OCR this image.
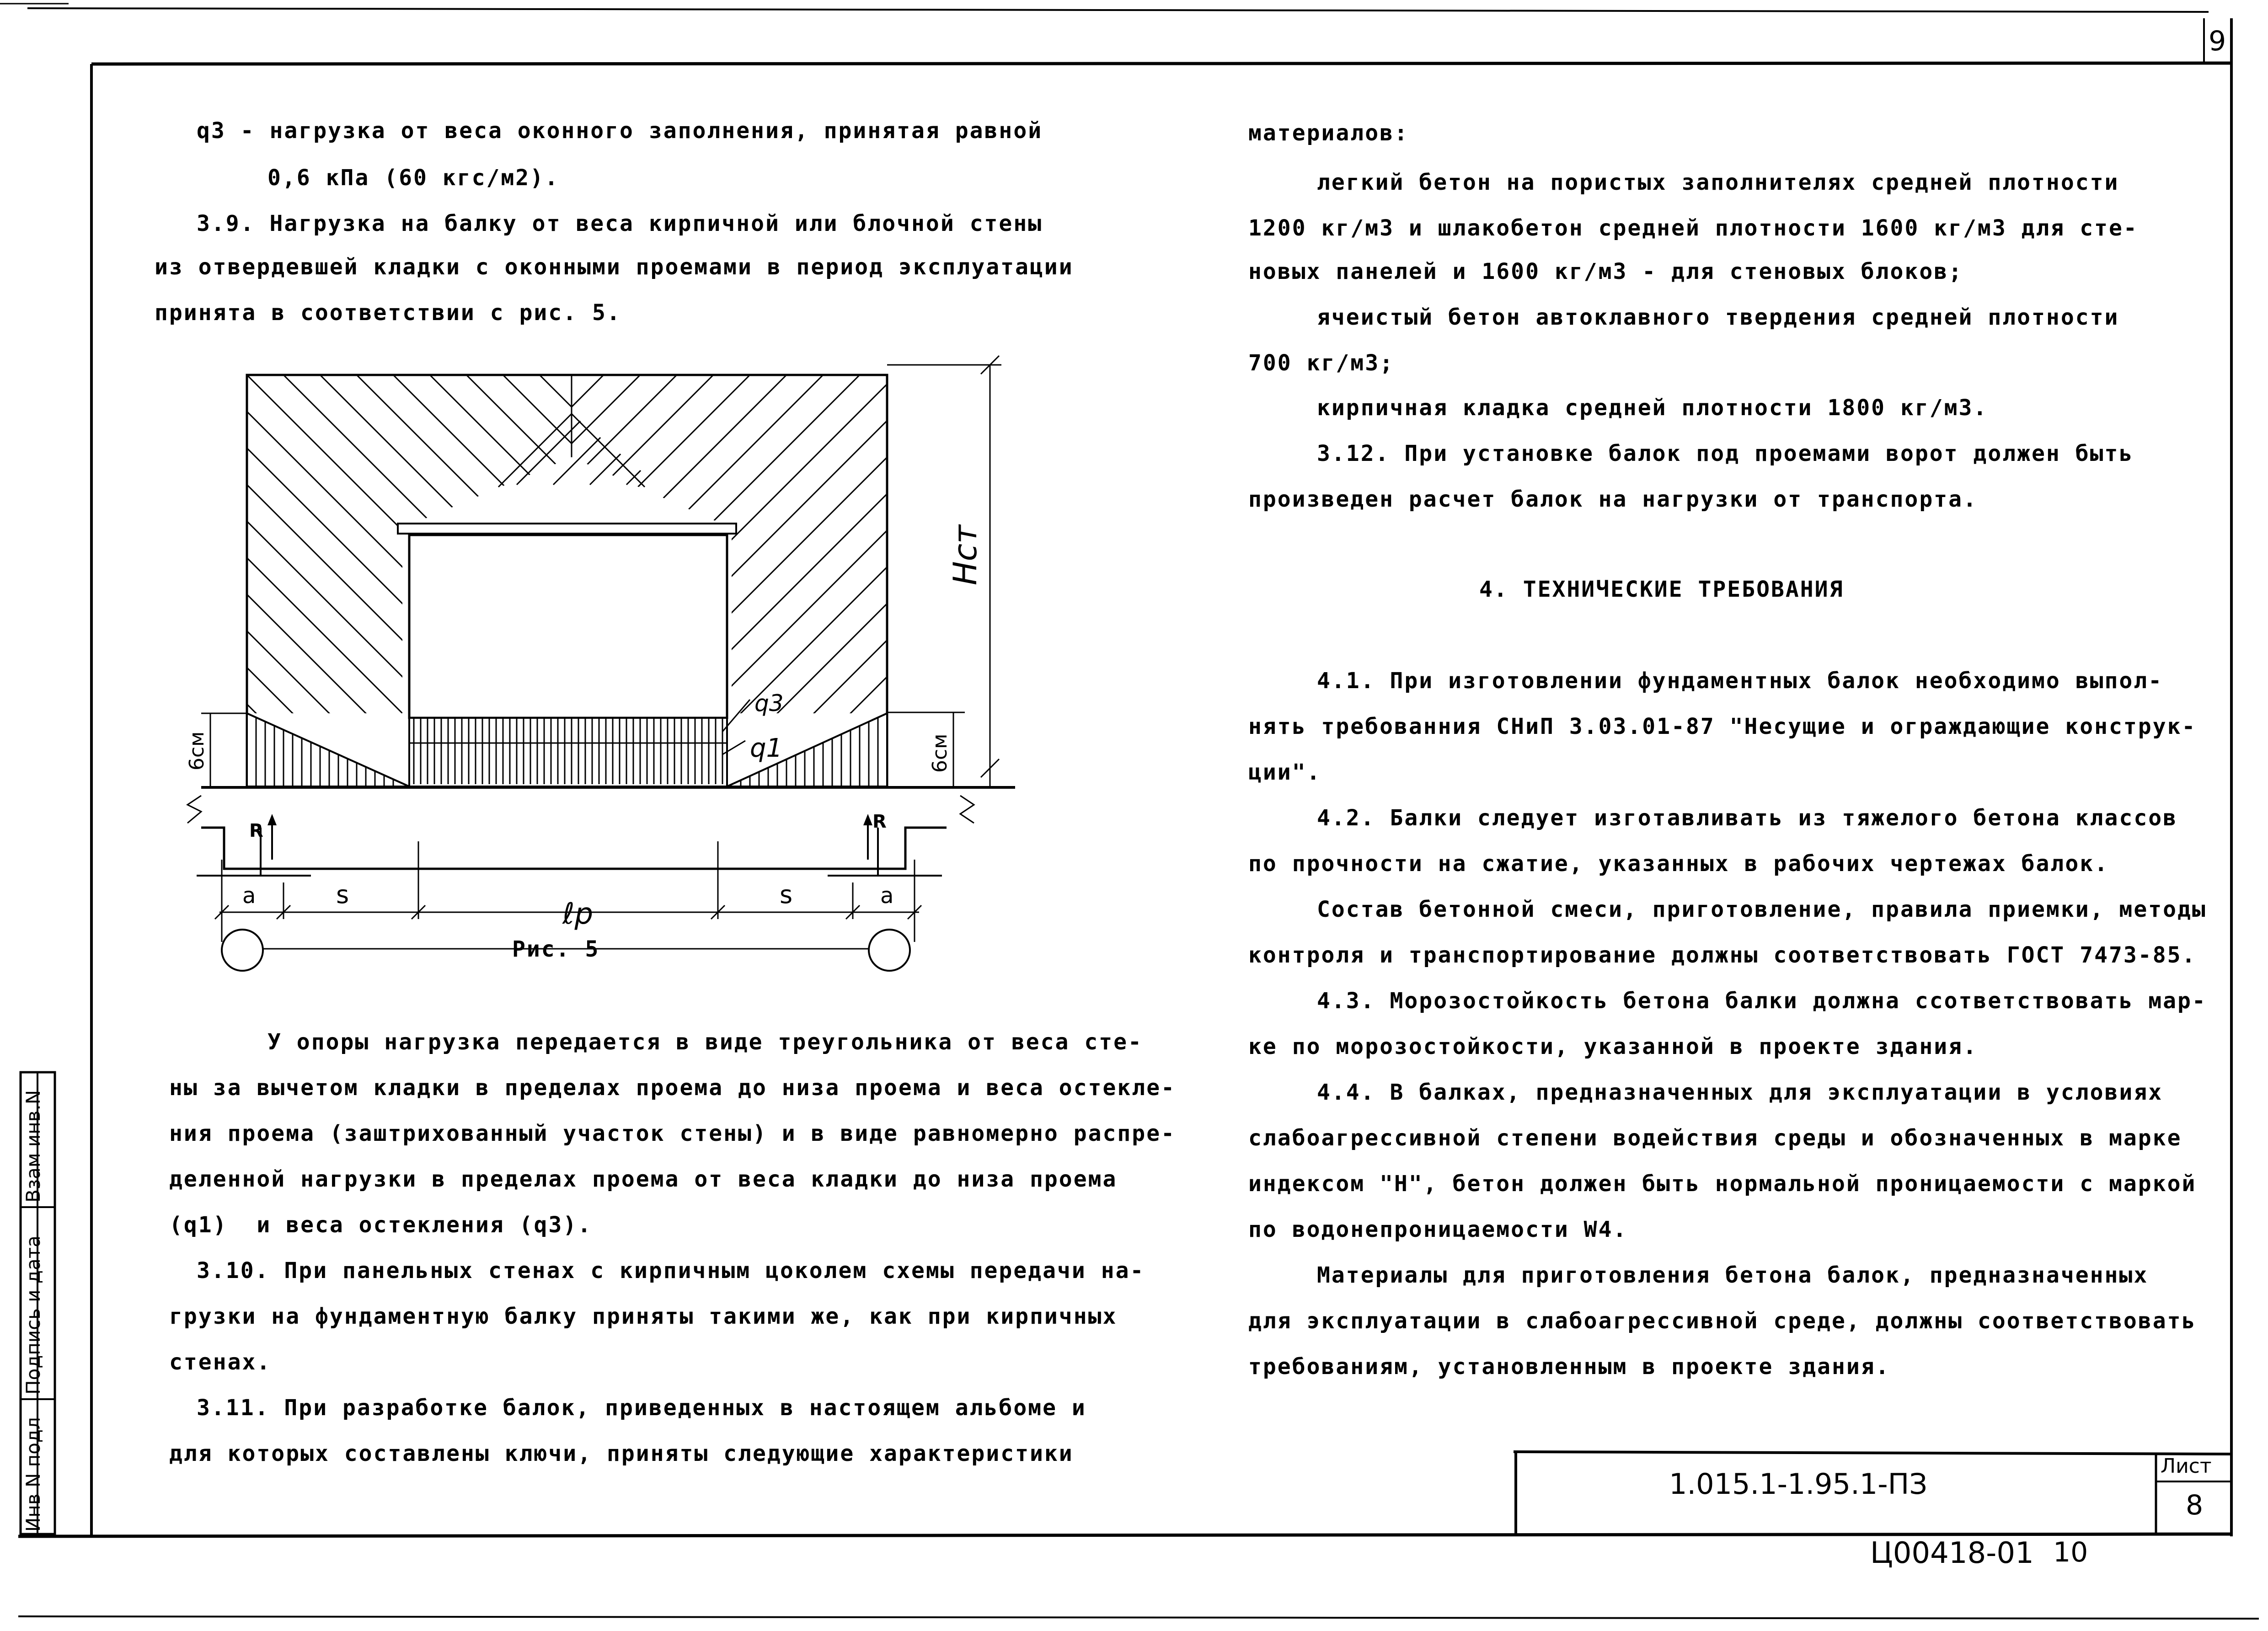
9
q3 - нагрузка от веса оконного заполнения, принятая равной
0,6 кПа (60 кгс/м2).
3.9. Нагрузка на балку от веса кирпичной или блочной стены
из отвердевшей кладки с оконными проемами в период эксплуатации
принята в соответствии с рис. 5.
Hст
6см	6см
q3
q1
R	R
a	a
s	s
ℓр
Рис. 5
У опоры нагрузка передается в виде треугольника от веса сте-
ны за вычетом кладки в пределах проема до низа проема и веса остекле-
ния проема (заштрихованный участок стены) и в виде равномерно распре-
деленной нагрузки в пределах проема от веса кладки до низа проема
(q1)  и веса остекления (q3).
3.10. При панельных стенах с кирпичным цоколем схемы передачи на-
грузки на фундаментную балку приняты такими же, как при кирпичных
стенах.
3.11. При разработке балок, приведенных в настоящем альбоме и
для которых составлены ключи, приняты следующие характеристики
материалов:
легкий бетон на пористых заполнителях средней плотности
1200 кг/м3 и шлакобетон средней плотности 1600 кг/м3 для сте-
новых панелей и 1600 кг/м3 - для стеновых блоков;
ячеистый бетон автоклавного твердения средней плотности
700 кг/м3;
кирпичная кладка средней плотности 1800 кг/м3.
3.12. При установке балок под проемами ворот должен быть
произведен расчет балок на нагрузки от транспорта.
4. ТЕХНИЧЕСКИЕ ТРЕБОВАНИЯ
4.1. При изготовлении фундаментных балок необходимо выпол-
нять требованния СНиП 3.03.01-87 "Несущие и ограждающие конструк-
ции".
4.2. Балки следует изготавливать из тяжелого бетона классов
по прочности на сжатие, указанных в рабочих чертежах балок.
Состав бетонной смеси, приготовление, правила приемки, методы
контроля и транспортирование должны соответствовать ГОСТ 7473-85.
4.3. Морозостойкость бетона балки должна ссответствовать мар-
ке по морозостойкости, указанной в проекте здания.
4.4. В балках, предназначенных для эксплуатации в условиях
слабоагрессивной степени водействия среды и обозначенных в марке
индексом "Н", бетон должен быть нормальной проницаемости с маркой
по водонепроницаемости W4.
Материалы для приготовления бетона балок, предназначенных
для эксплуатации в слабоагрессивной среде, должны соответствовать
требованиям, установленным в проекте здания.
Инв N подл
Подпись и дата
Взам инв.N
1.015.1-1.95.1-ПЗ
Лист
8
Ц00418-01 10
